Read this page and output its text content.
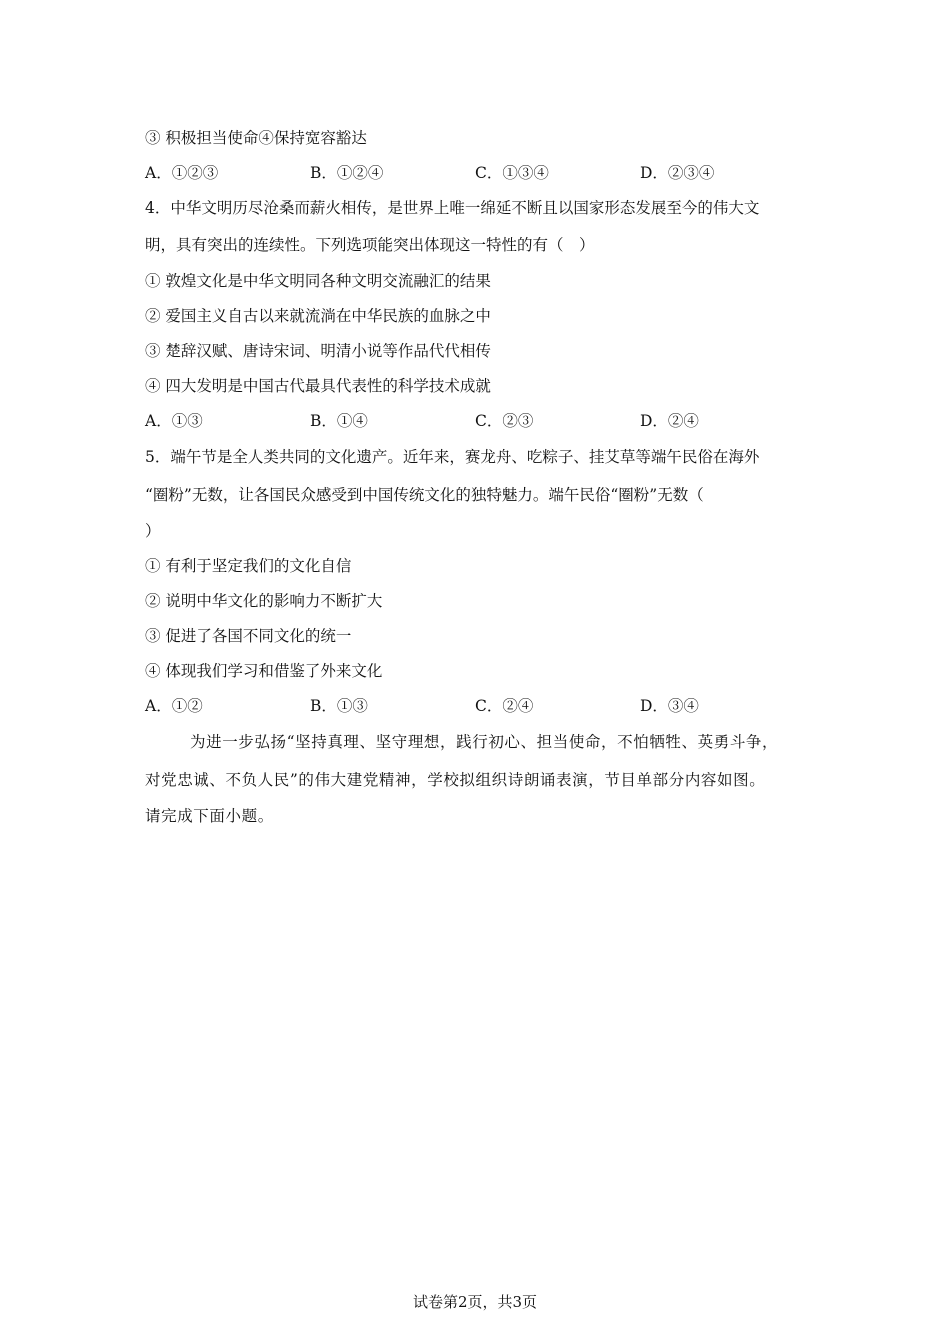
③ 积极担当使命④保持宽容豁达
A．①②③	B．①②④	C．①③④	D．②③④
4．中华文明历尽沧桑而薪火相传，是世界上唯一绵延不断且以国家形态发展至今的伟大文
明，具有突出的连续性。下列选项能突出体现这一特性的有（　）
① 敦煌文化是中华文明同各种文明交流融汇的结果
② 爱国主义自古以来就流淌在中华民族的血脉之中
③ 楚辞汉赋、唐诗宋词、明清小说等作品代代相传
④ 四大发明是中国古代最具代表性的科学技术成就
A．①③	B．①④	C．②③	D．②④
5．端午节是全人类共同的文化遗产。近年来，赛龙舟、吃粽子、挂艾草等端午民俗在海外
“圈粉”无数，让各国民众感受到中国传统文化的独特魅力。端午民俗“圈粉”无数（
）
① 有利于坚定我们的文化自信
② 说明中华文化的影响力不断扩大
③ 促进了各国不同文化的统一
④ 体现我们学习和借鉴了外来文化
A．①②	B．①③	C．②④	D．③④
为进一步弘扬“坚持真理、坚守理想，践行初心、担当使命，不怕牺牲、英勇斗争，
对党忠诚、不负人民”的伟大建党精神，学校拟组织诗朗诵表演，节目单部分内容如图。
请完成下面小题。
试卷第2页，共3页
